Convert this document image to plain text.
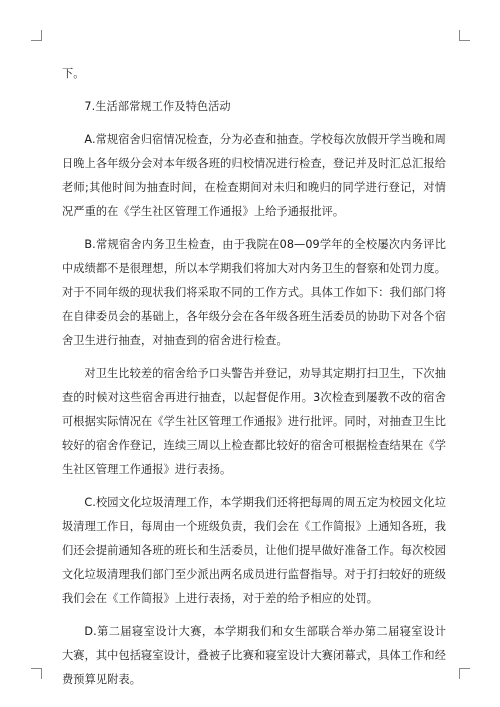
下。

7.生活部常规工作及特色活动

A.常规宿舍归宿情况检查，分为必查和抽查。学校每次放假开学当晚和周日晚上各年级分会对本年级各班的归校情况进行检查，登记并及时汇总汇报给老师;其他时间为抽查时间，在检查期间对未归和晚归的同学进行登记，对情况严重的在《学生社区管理工作通报》上给予通报批评。

B.常规宿舍内务卫生检查，由于我院在08—09学年的全校屡次内务评比中成绩都不是很理想，所以本学期我们将加大对内务卫生的督察和处罚力度。对于不同年级的现状我们将采取不同的工作方式。具体工作如下：我们部门将在自律委员会的基础上，各年级分会在各年级各班生活委员的协助下对各个宿舍卫生进行抽查，对抽查到的宿舍进行检查。

对卫生比较差的宿舍给予口头警告并登记，劝导其定期打扫卫生，下次抽查的时候对这些宿舍再进行抽查，以起督促作用。3次检查到屡教不改的宿舍可根据实际情况在《学生社区管理工作通报》进行批评。同时，对抽查卫生比较好的宿舍作登记，连续三周以上检查都比较好的宿舍可根据检查结果在《学生社区管理工作通报》进行表扬。

C.校园文化垃圾清理工作，本学期我们还将把每周的周五定为校园文化垃圾清理工作日，每周由一个班级负责，我们会在《工作简报》上通知各班，我们还会提前通知各班的班长和生活委员，让他们提早做好准备工作。每次校园文化垃圾清理我们部门至少派出两名成员进行监督指导。对于打扫较好的班级我们会在《工作简报》上进行表扬，对于差的给予相应的处罚。

D.第二届寝室设计大赛，本学期我们和女生部联合举办第二届寝室设计大赛，其中包括寝室设计，叠被子比赛和寝室设计大赛闭幕式，具体工作和经费预算见附表。
